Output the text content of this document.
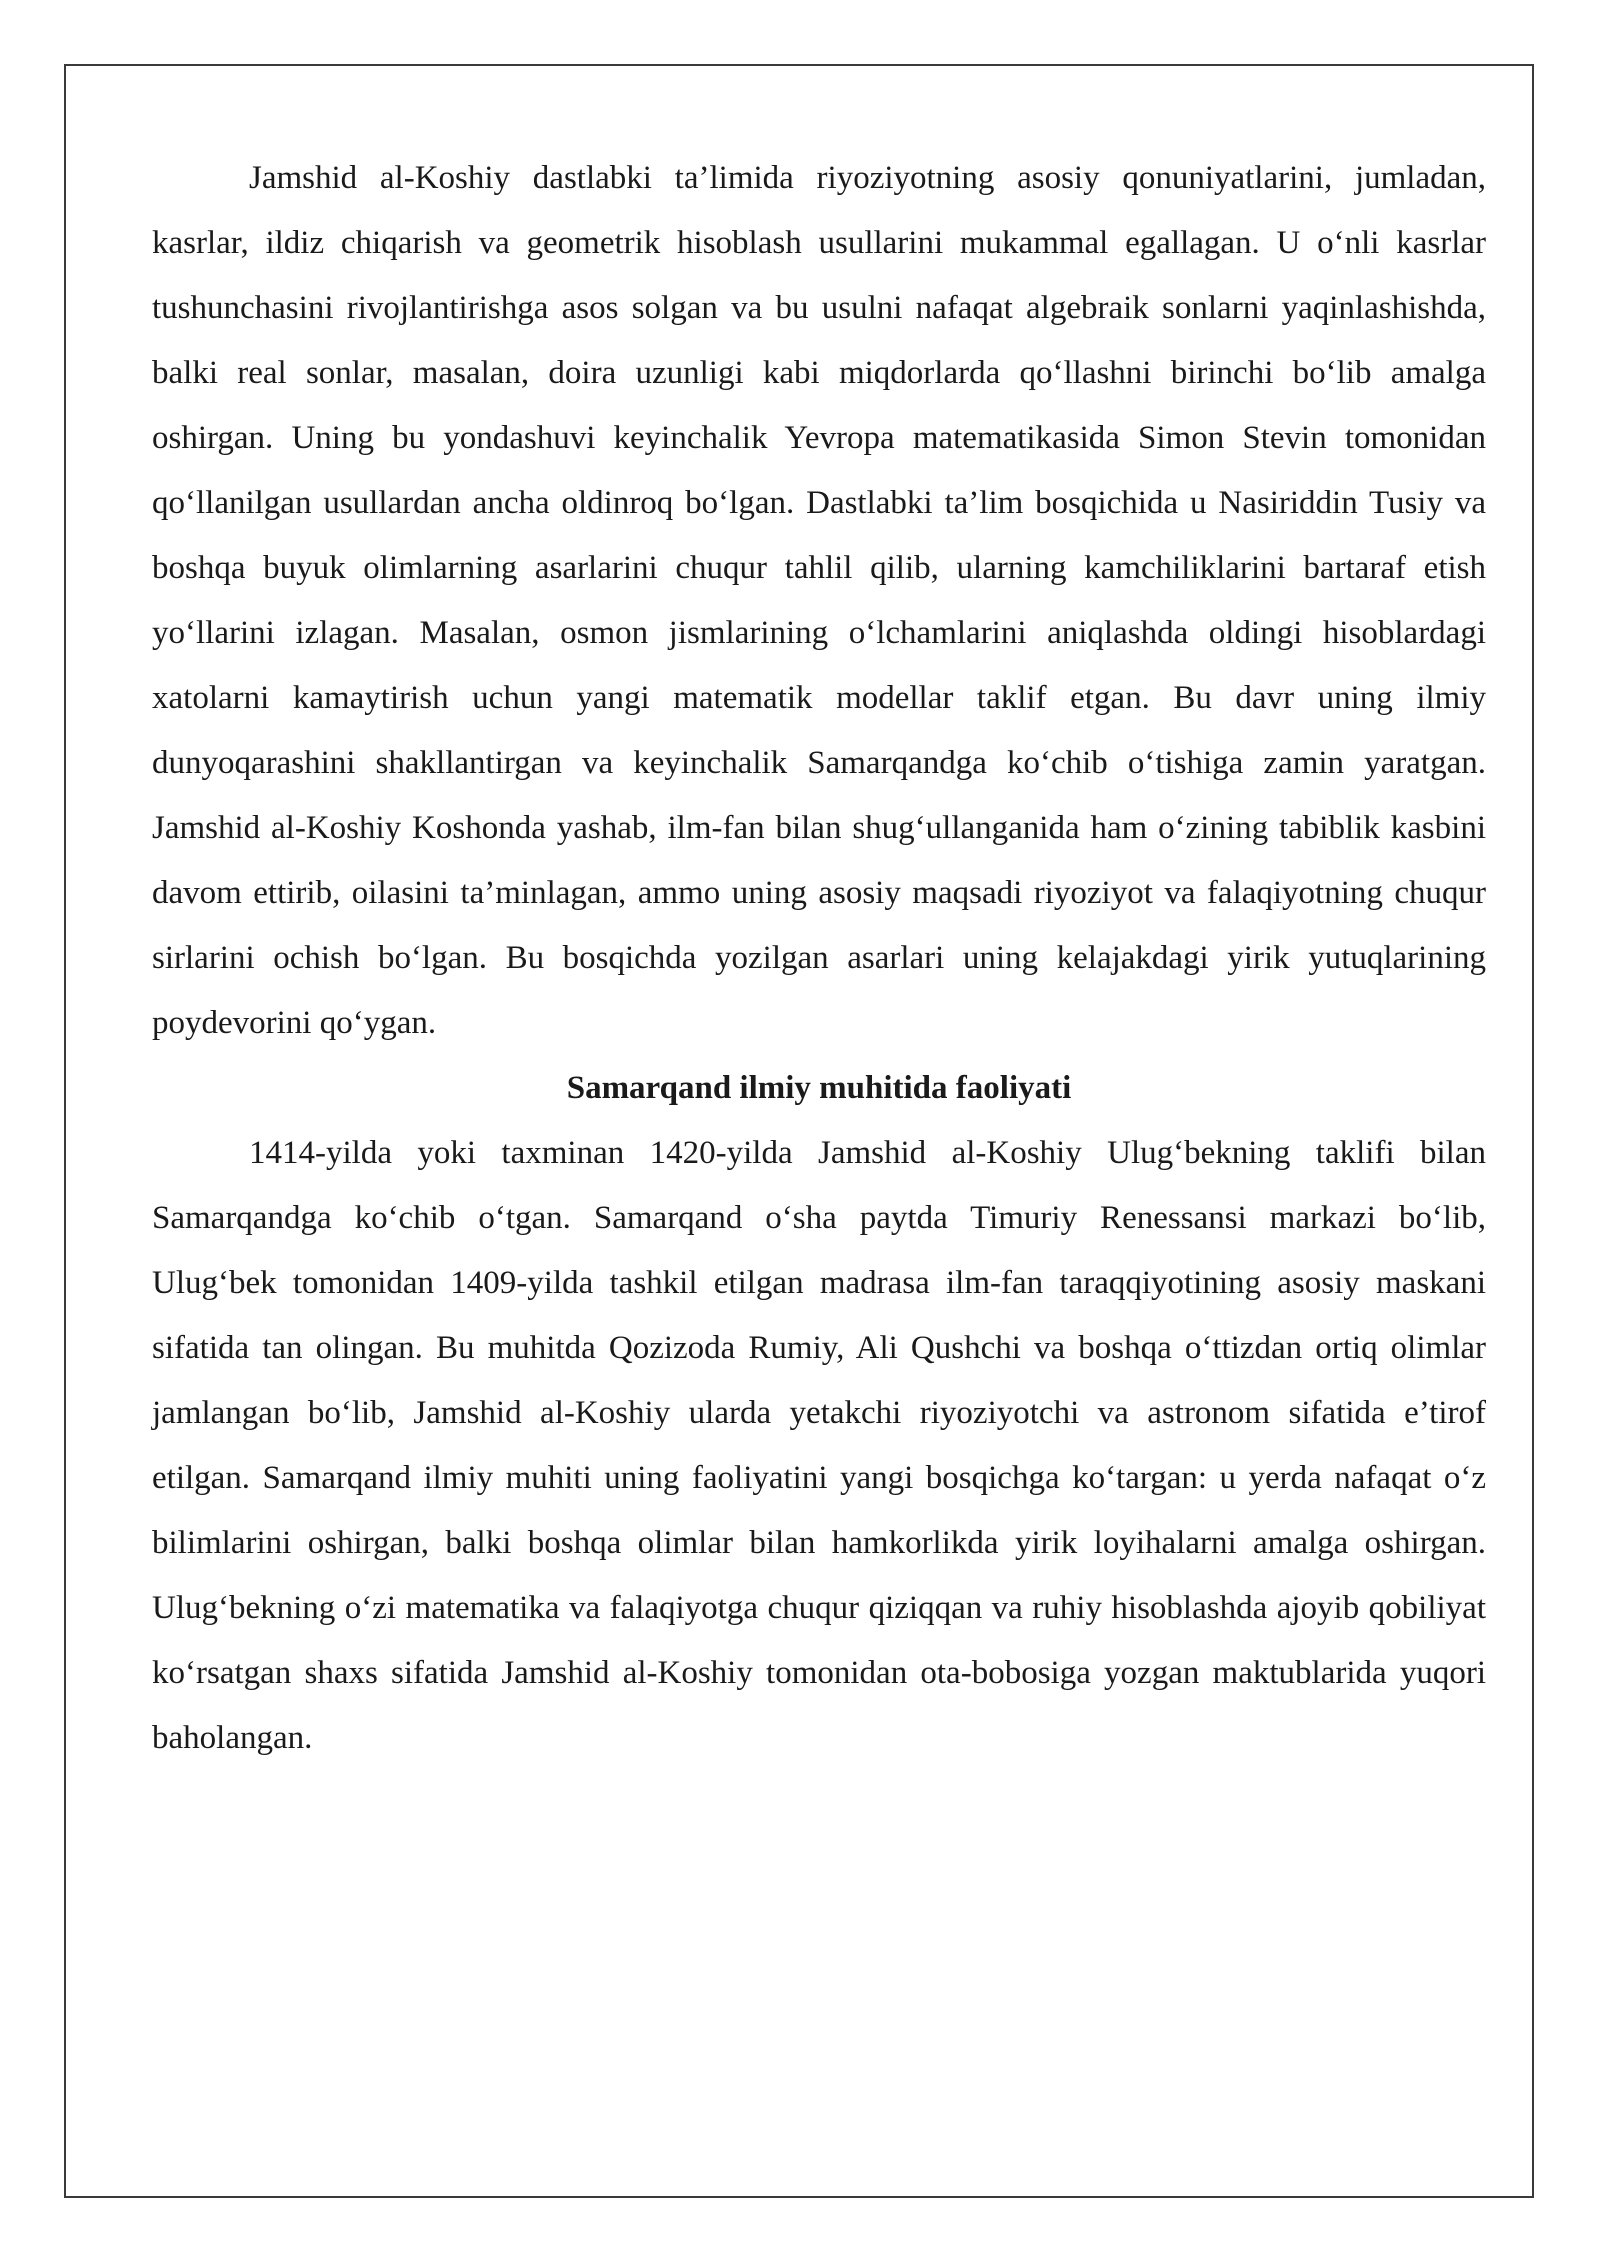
Jamshid al-Koshiy dastlabki ta’limida riyoziyotning asosiy qonuniyatlarini, jumladan, kasrlar, ildiz chiqarish va geometrik hisoblash usullarini mukammal egallagan. U o‘nli kasrlar tushunchasini rivojlantirishga asos solgan va bu usulni nafaqat algebraik sonlarni yaqinlashishda, balki real sonlar, masalan, doira uzunligi kabi miqdorlarda qo‘llashni birinchi bo‘lib amalga oshirgan. Uning bu yondashuvi keyinchalik Yevropa matematikasida Simon Stevin tomonidan qo‘llanilgan usullardan ancha oldinroq bo‘lgan. Dastlabki ta’lim bosqichida u Nasiriddin Tusiy va boshqa buyuk olimlarning asarlarini chuqur tahlil qilib, ularning kamchiliklarini bartaraf etish yo‘llarini izlagan. Masalan, osmon jismlarining o‘lchamlarini aniqlashda oldingi hisoblardagi xatolarni kamaytirish uchun yangi matematik modellar taklif etgan. Bu davr uning ilmiy dunyoqarashini shakllantirgan va keyinchalik Samarqandga ko‘chib o‘tishiga zamin yaratgan. Jamshid al-Koshiy Koshonda yashab, ilm-fan bilan shug‘ullanganida ham o‘zining tabiblik kasbini davom ettirib, oilasini ta’minlagan, ammo uning asosiy maqsadi riyoziyot va falaqiyotning chuqur sirlarini ochish bo‘lgan. Bu bosqichda yozilgan asarlari uning kelajakdagi yirik yutuqlarining poydevorini qo‘ygan.

Samarqand ilmiy muhitida faoliyati

1414-yilda yoki taxminan 1420-yilda Jamshid al-Koshiy Ulug‘bekning taklifi bilan Samarqandga ko‘chib o‘tgan. Samarqand o‘sha paytda Timuriy Renessansi markazi bo‘lib, Ulug‘bek tomonidan 1409-yilda tashkil etilgan madrasa ilm-fan taraqqiyotining asosiy maskani sifatida tan olingan. Bu muhitda Qozizoda Rumiy, Ali Qushchi va boshqa o‘ttizdan ortiq olimlar jamlangan bo‘lib, Jamshid al-Koshiy ularda yetakchi riyoziyotchi va astronom sifatida e’tirof etilgan. Samarqand ilmiy muhiti uning faoliyatini yangi bosqichga ko‘targan: u yerda nafaqat o‘z bilimlarini oshirgan, balki boshqa olimlar bilan hamkorlikda yirik loyihalarni amalga oshirgan. Ulug‘bekning o‘zi matematika va falaqiyotga chuqur qiziqqan va ruhiy hisoblashda ajoyib qobiliyat ko‘rsatgan shaxs sifatida Jamshid al-Koshiy tomonidan ota-bobosiga yozgan maktublarida yuqori baholangan.
